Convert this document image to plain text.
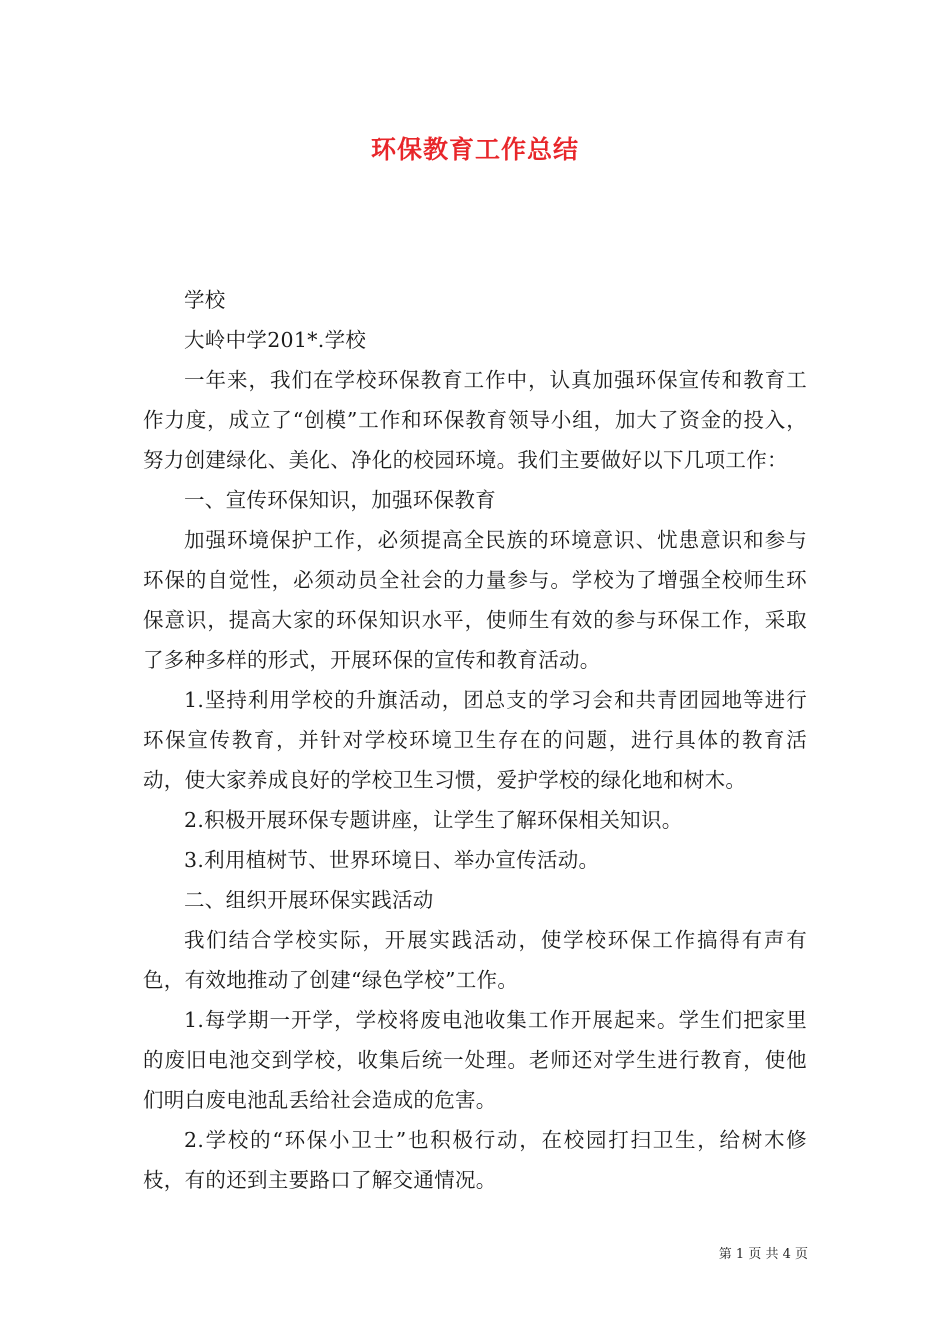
环保教育工作总结

学校

大岭中学201*.学校

一年来，我们在学校环保教育工作中，认真加强环保宣传和教育工作力度，成立了“创模”工作和环保教育领导小组，加大了资金的投入，努力创建绿化、美化、净化的校园环境。我们主要做好以下几项工作：

一、宣传环保知识，加强环保教育

加强环境保护工作，必须提高全民族的环境意识、忧患意识和参与环保的自觉性，必须动员全社会的力量参与。学校为了增强全校师生环保意识，提高大家的环保知识水平，使师生有效的参与环保工作，采取了多种多样的形式，开展环保的宣传和教育活动。

1.坚持利用学校的升旗活动，团总支的学习会和共青团园地等进行环保宣传教育，并针对学校环境卫生存在的问题，进行具体的教育活动，使大家养成良好的学校卫生习惯，爱护学校的绿化地和树木。

2.积极开展环保专题讲座，让学生了解环保相关知识。

3.利用植树节、世界环境日、举办宣传活动。

二、组织开展环保实践活动

我们结合学校实际，开展实践活动，使学校环保工作搞得有声有色，有效地推动了创建“绿色学校”工作。

1.每学期一开学，学校将废电池收集工作开展起来。学生们把家里的废旧电池交到学校，收集后统一处理。老师还对学生进行教育，使他们明白废电池乱丢给社会造成的危害。

2.学校的“环保小卫士”也积极行动，在校园打扫卫生，给树木修枝，有的还到主要路口了解交通情况。

第 1 页 共 4 页
